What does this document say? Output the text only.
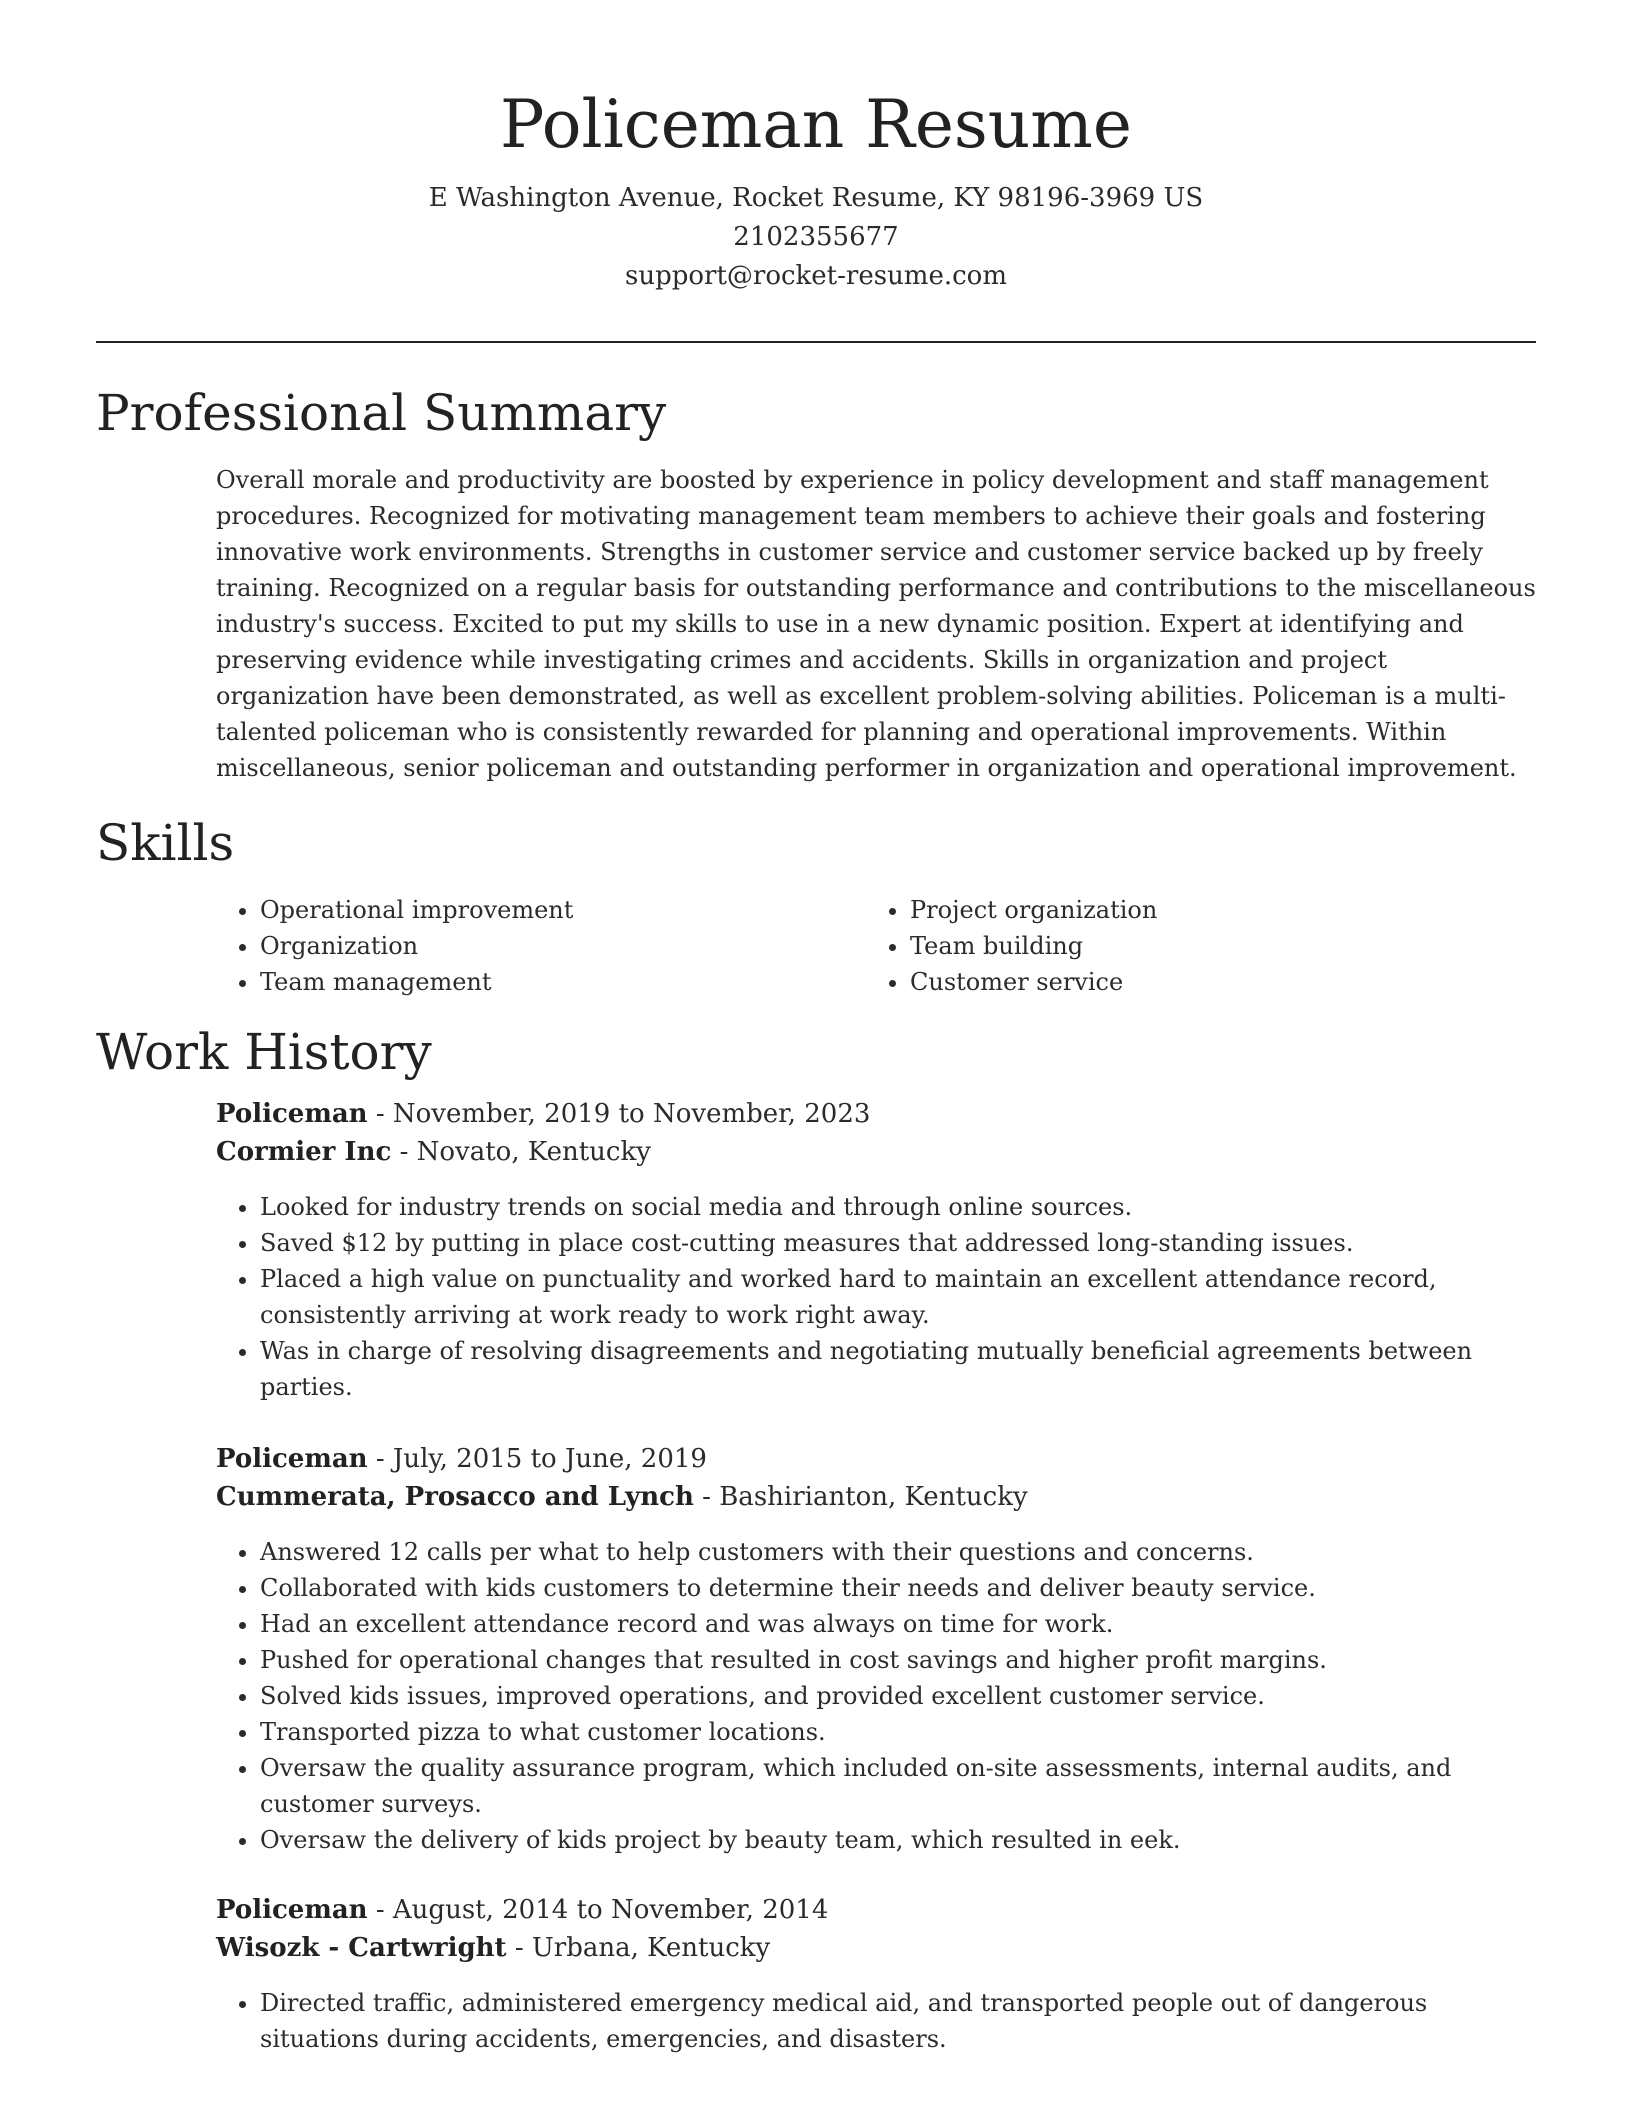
Policeman Resume
E Washington Avenue, Rocket Resume, KY 98196-3969 US
2102355677
support@rocket-resume.com
Professional Summary

Overall morale and productivity are boosted by experience in policy development and staff management procedures. Recognized for motivating management team members to achieve their goals and fostering innovative work environments. Strengths in customer service and customer service backed up by freely training. Recognized on a regular basis for outstanding performance and contributions to the miscellaneous industry's success. Excited to put my skills to use in a new dynamic position. Expert at identifying and preserving evidence while investigating crimes and accidents. Skills in organization and project organization have been demonstrated, as well as excellent problem-solving abilities. Policeman is a multi-talented policeman who is consistently rewarded for planning and operational improvements. Within miscellaneous, senior policeman and outstanding performer in organization and operational improvement.

Skills
• Operational improvement
• Organization
• Team management
• Project organization
• Team building
• Customer service
Work History
Policeman - November, 2019 to November, 2023
Cormier Inc - Novato, Kentucky
• Looked for industry trends on social media and through online sources.
• Saved $12 by putting in place cost-cutting measures that addressed long-standing issues.
• Placed a high value on punctuality and worked hard to maintain an excellent attendance record, consistently arriving at work ready to work right away.
• Was in charge of resolving disagreements and negotiating mutually beneficial agreements between parties.
Policeman - July, 2015 to June, 2019
Cummerata, Prosacco and Lynch - Bashirianton, Kentucky
• Answered 12 calls per what to help customers with their questions and concerns.
• Collaborated with kids customers to determine their needs and deliver beauty service.
• Had an excellent attendance record and was always on time for work.
• Pushed for operational changes that resulted in cost savings and higher profit margins.
• Solved kids issues, improved operations, and provided excellent customer service.
• Transported pizza to what customer locations.
• Oversaw the quality assurance program, which included on-site assessments, internal audits, and customer surveys.
• Oversaw the delivery of kids project by beauty team, which resulted in eek.
Policeman - August, 2014 to November, 2014
Wisozk - Cartwright - Urbana, Kentucky
• Directed traffic, administered emergency medical aid, and transported people out of dangerous situations during accidents, emergencies, and disasters.
